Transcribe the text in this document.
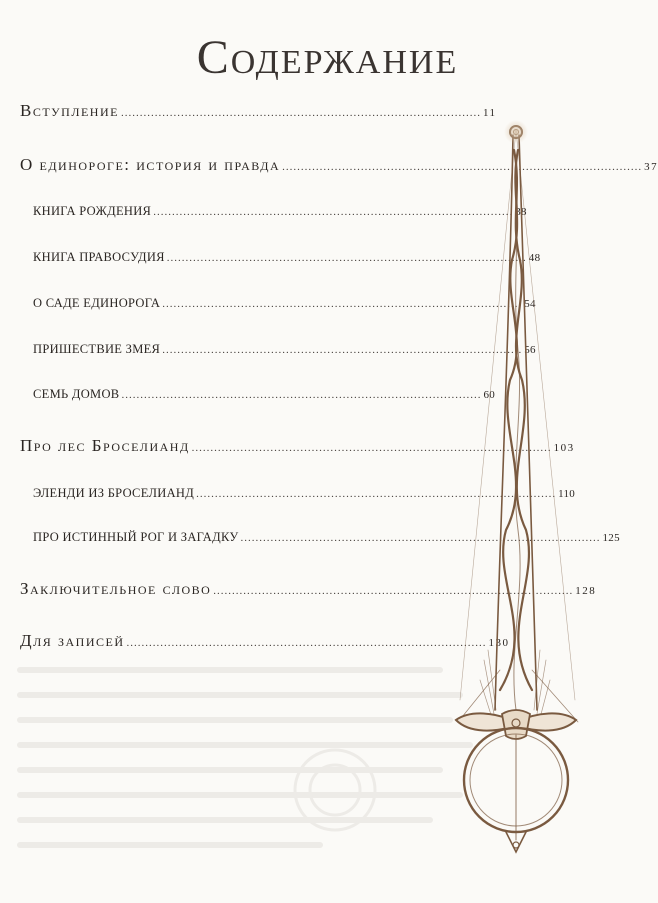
Содержание
Вступление ................................................................................................ 11
О единороге: история и правда ................................................................................................ 37
КНИГА РОЖДЕНИЯ ................................................................................................ 38
КНИГА ПРАВОСУДИЯ ................................................................................................ 48
О САДЕ ЕДИНОРОГА ................................................................................................ 54
ПРИШЕСТВИЕ ЗМЕЯ ................................................................................................ 56
СЕМЬ ДОМОВ ................................................................................................ 60
Про лес Броселианд ................................................................................................ 103
ЭЛЕНДИ ИЗ БРОСЕЛИАНД ................................................................................................ 110
ПРО ИСТИННЫЙ РОГ И ЗАГАДКУ ................................................................................................ 125
Заключительное слово ................................................................................................ 128
Для записей ................................................................................................ 130
